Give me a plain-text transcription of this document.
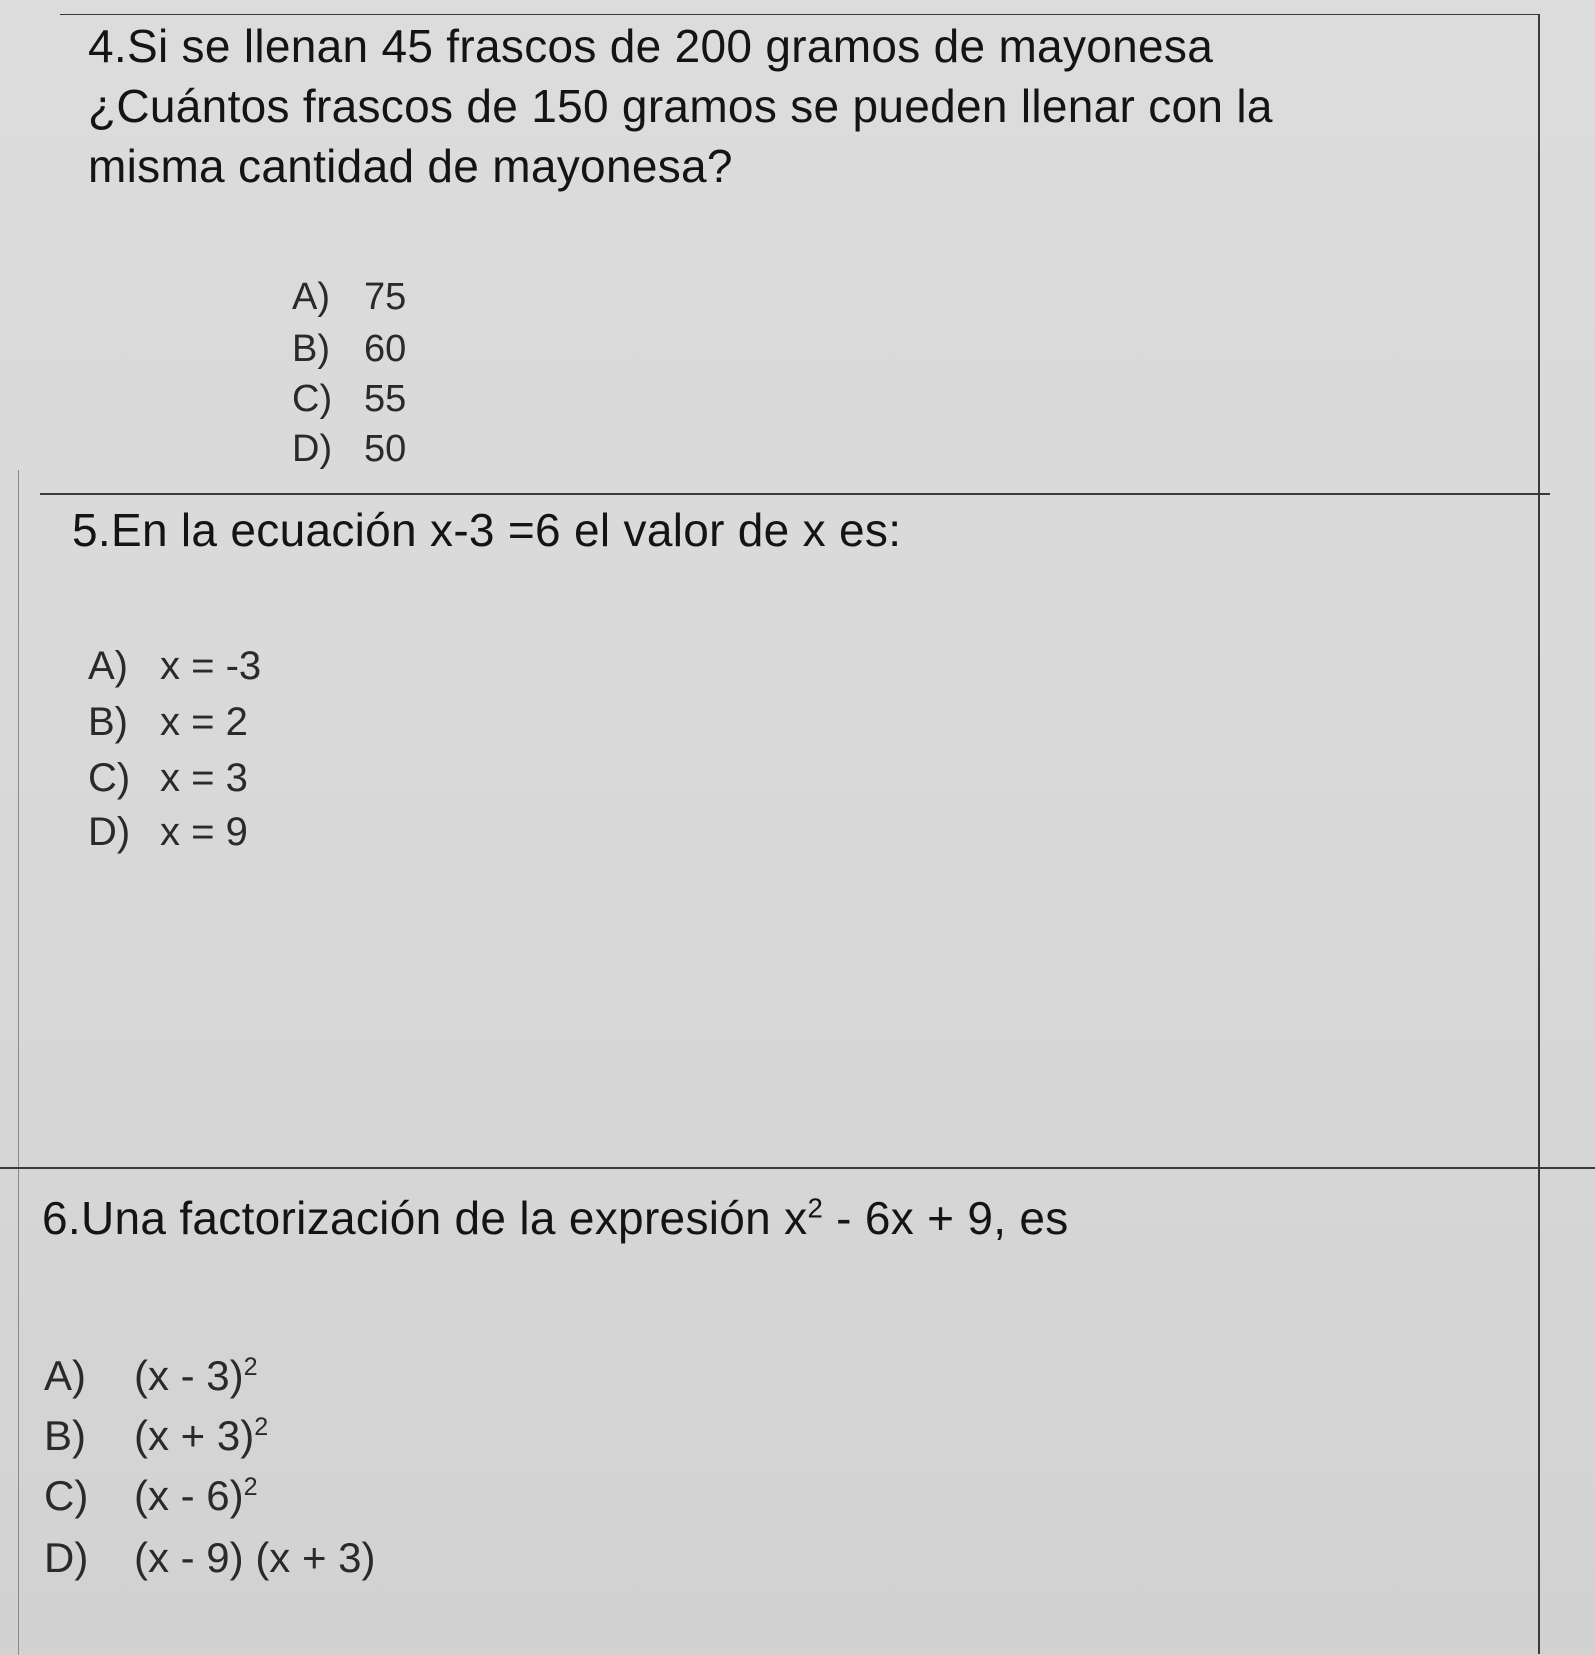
4.Si se llenan 45 frascos de 200 gramos de mayonesa
¿Cuántos frascos de 150 gramos se pueden llenar con la
misma cantidad de mayonesa?
A) 75
B) 60
C) 55
D) 50
5.En la ecuación x-3 =6 el valor de x es:
A) x = -3
B) x = 2
C) x = 3
D) x = 9
6.Una factorización de la expresión $x^2 - 6x + 9$, es
A) (x - 3)$^2$
B) $(x + 3)^2$
C) (x - 6)$^2$
D) (x - 9) (x + 3)
